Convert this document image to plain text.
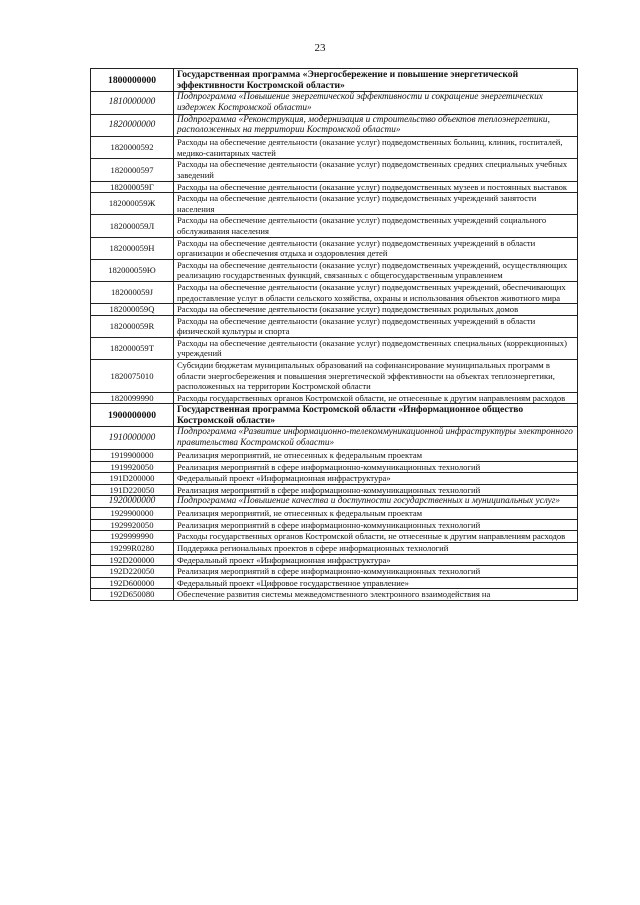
23
1800000000	Государственная программа «Энергосбережение и повышение энергетической эффективности Костромской области»
1810000000	Подпрограмма «Повышение энергетической эффективности и сокращение энергетических издержек Костромской области»
1820000000	Подпрограмма «Реконструкция, модернизация и строительство объектов теплоэнергетики, расположенных на территории Костромской области»
1820000592	Расходы на обеспечение деятельности (оказание услуг) подведомственных больниц, клиник, госпиталей, медико-санитарных частей
1820000597	Расходы на обеспечение деятельности (оказание услуг) подведомственных средних специальных учебных заведений
182000059Г	Расходы на обеспечение деятельности (оказание услуг) подведомственных музеев и постоянных выставок
182000059Ж	Расходы на обеспечение деятельности (оказание услуг) подведомственных учреждений занятости населения
182000059Л	Расходы на обеспечение деятельности (оказание услуг) подведомственных учреждений социального обслуживания населения
182000059Н	Расходы на обеспечение деятельности (оказание услуг) подведомственных учреждений в области организации и обеспечения отдыха и оздоровления детей
182000059Ю	Расходы на обеспечение деятельности (оказание услуг) подведомственных учреждений, осуществляющих реализацию государственных функций, связанных с общегосударственным управлением
182000059J	Расходы на обеспечение деятельности (оказание услуг) подведомственных учреждений, обеспечивающих предоставление услуг в области сельского хозяйства, охраны и использования объектов животного мира
182000059Q	Расходы на обеспечение деятельности (оказание услуг) подведомственных родильных домов
182000059R	Расходы на обеспечение деятельности (оказание услуг) подведомственных учреждений в области физической культуры и спорта
182000059T	Расходы на обеспечение деятельности (оказание услуг) подведомственных специальных (коррекционных) учреждений
1820075010	Субсидии бюджетам муниципальных образований на софинансирование муниципальных программ в области энергосбережения и повышения энергетической эффективности на объектах теплоэнергетики, расположенных на территории Костромской области
1820099990	Расходы государственных органов Костромской области, не отнесенные к другим направлениям расходов
1900000000	Государственная программа Костромской области «Информационное общество Костромской области»
1910000000	Подпрограмма «Развитие информационно-телекоммуникационной инфраструктуры электронного правительства Костромской области»
1919900000	Реализация мероприятий, не отнесенных к федеральным проектам
1919920050	Реализация мероприятий в сфере информационно-коммуникационных технологий
191D200000	Федеральный проект «Информационная инфраструктура»
191D220050	Реализация мероприятий в сфере информационно-коммуникационных технологий
1920000000	Подпрограмма «Повышение качества и доступности государственных и муниципальных услуг»
1929900000	Реализация мероприятий, не отнесенных к федеральным проектам
1929920050	Реализация мероприятий в сфере информационно-коммуникационных технологий
1929999990	Расходы государственных органов Костромской области, не отнесенные к другим направлениям расходов
19299R0280	Поддержка региональных проектов в сфере информационных технологий
192D200000	Федеральный проект «Информационная инфраструктура»
192D220050	Реализация мероприятий в сфере информационно-коммуникационных технологий
192D600000	Федеральный проект «Цифровое государственное управление»
192D650080	Обеспечение развития системы межведомственного электронного взаимодействия на
